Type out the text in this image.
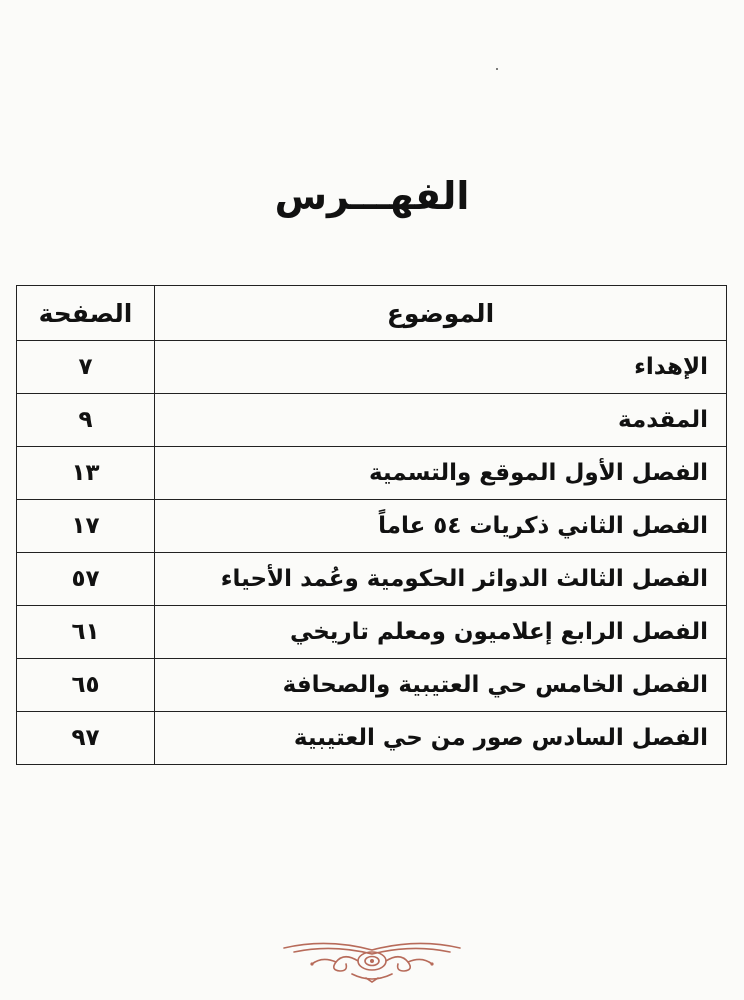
الفهـــرس
الموضوع	الصفحة
الإهداء	٧
المقدمة	٩
الفصل الأول الموقع والتسمية	١٣
الفصل الثاني ذكريات ٥٤ عاماً	١٧
الفصل الثالث الدوائر الحكومية وعُمد الأحياء	٥٧
الفصل الرابع إعلاميون ومعلم تاريخي	٦١
الفصل الخامس حي العتيبية والصحافة	٦٥
الفصل السادس صور من حي العتيبية	٩٧
